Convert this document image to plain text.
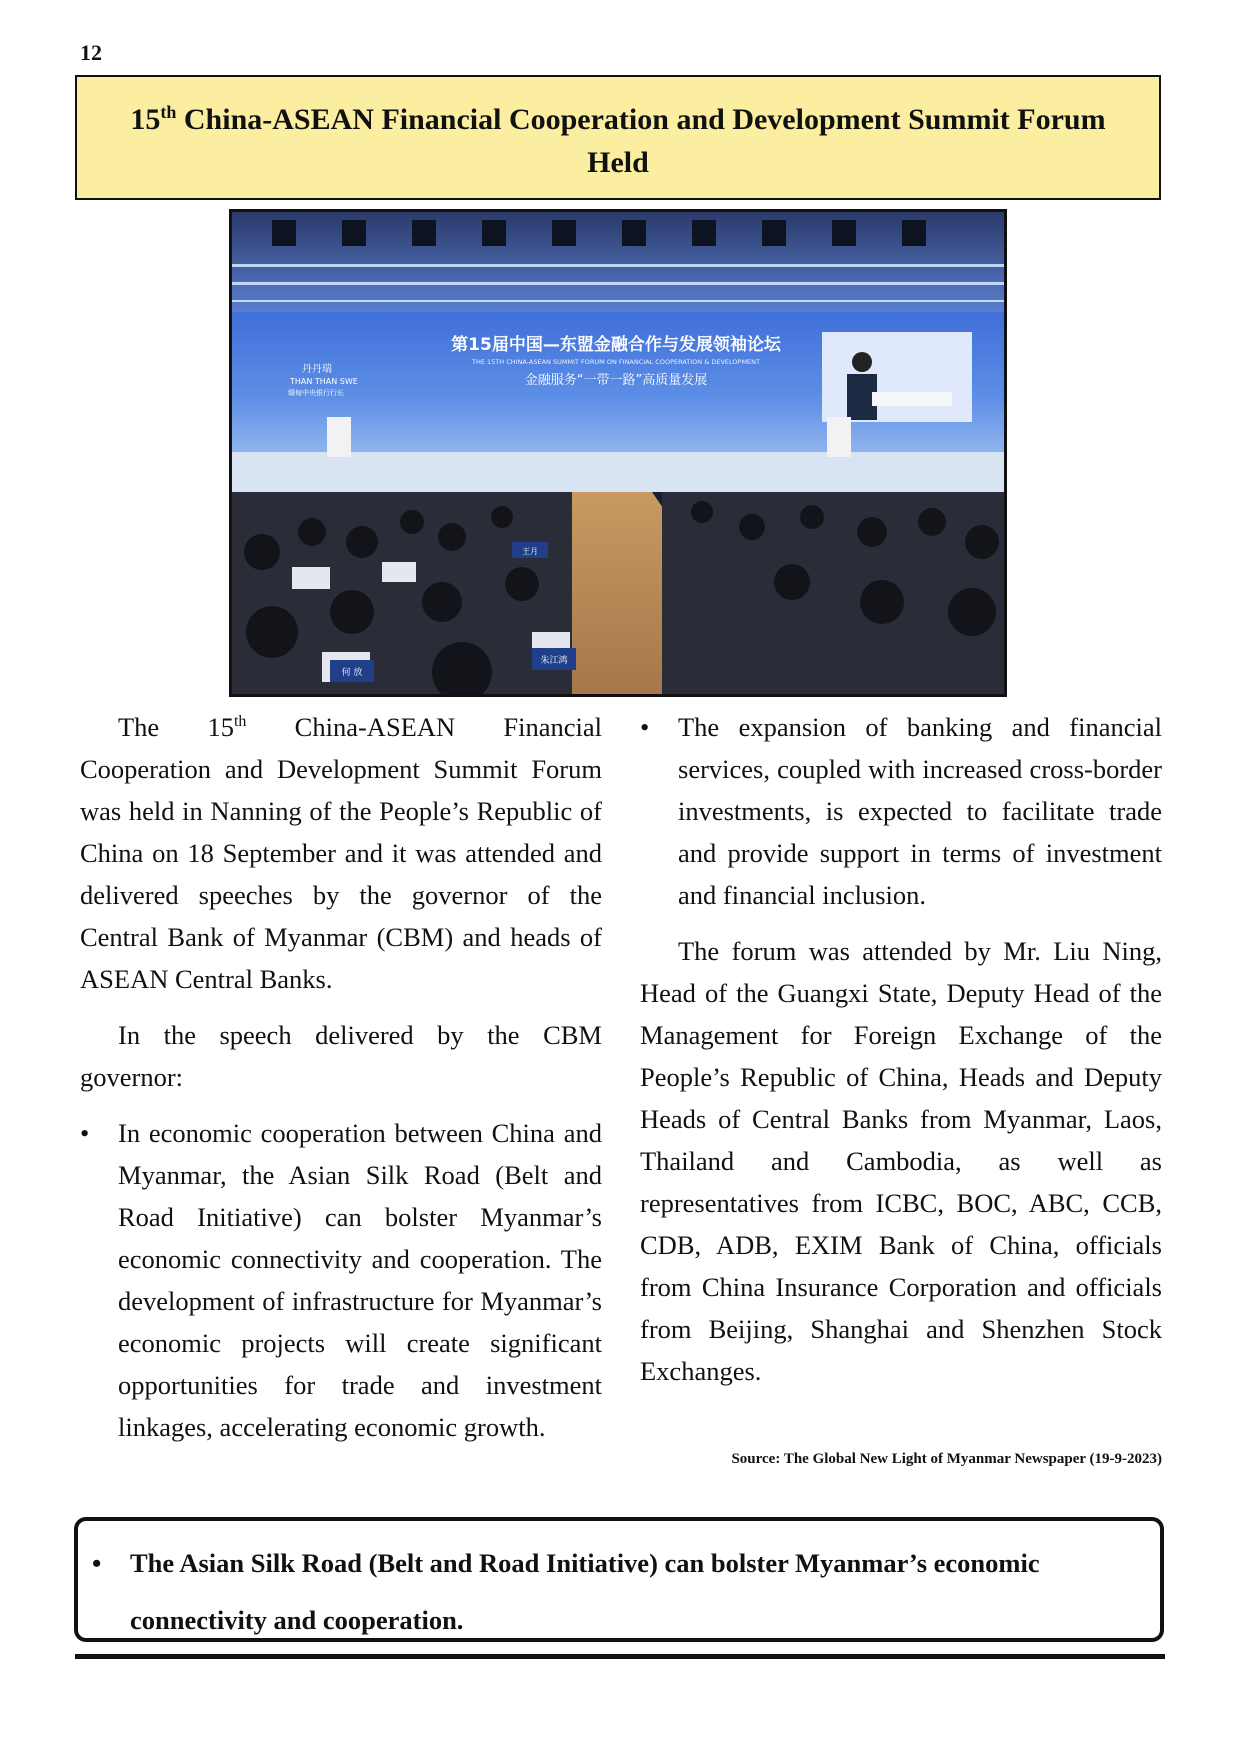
12
15th China-ASEAN Financial Cooperation and Development Summit Forum
Held
第15届中国—东盟金融合作与发展领袖论坛
THE 15TH CHINA-ASEAN SUMMIT FORUM ON FINANCIAL COOPERATION & DEVELOPMENT
金融服务“一带一路”高质量发展
丹丹瑞
THAN THAN SWE
缅甸中央银行行长
何 放
朱江鸿
王月

The 15th China-ASEAN Financial Cooperation and Development Summit Forum was held in Nanning of the People’s Republic of China on 18 September and it was attended and delivered speeches by the governor of the Central Bank of Myanmar (CBM) and heads of ASEAN Central Banks.

In the speech delivered by the CBM governor:

•	In economic cooperation between China and Myanmar, the Asian Silk Road (Belt and Road Initiative) can bolster Myanmar’s economic connectivity and cooperation. The development of infrastructure for Myanmar’s economic projects will create significant opportunities for trade and investment linkages, accelerating economic growth.
•	The expansion of banking and financial services, coupled with increased cross-border investments, is expected to facilitate trade and provide support in terms of investment and financial inclusion.

The forum was attended by Mr. Liu Ning, Head of the Guangxi State, Deputy Head of the Management for Foreign Exchange of the People’s Republic of China, Heads and Deputy Heads of Central Banks from Myanmar, Laos, Thailand and Cambodia, as well as representatives from ICBC, BOC, ABC, CCB, CDB, ADB, EXIM Bank of China, officials from China Insurance Corporation and officials from Beijing, Shanghai and Shenzhen Stock Exchanges.

Source: The Global New Light of Myanmar Newspaper (19-9-2023)
• The Asian Silk Road (Belt and Road Initiative) can bolster Myanmar’s economic connectivity and cooperation.
